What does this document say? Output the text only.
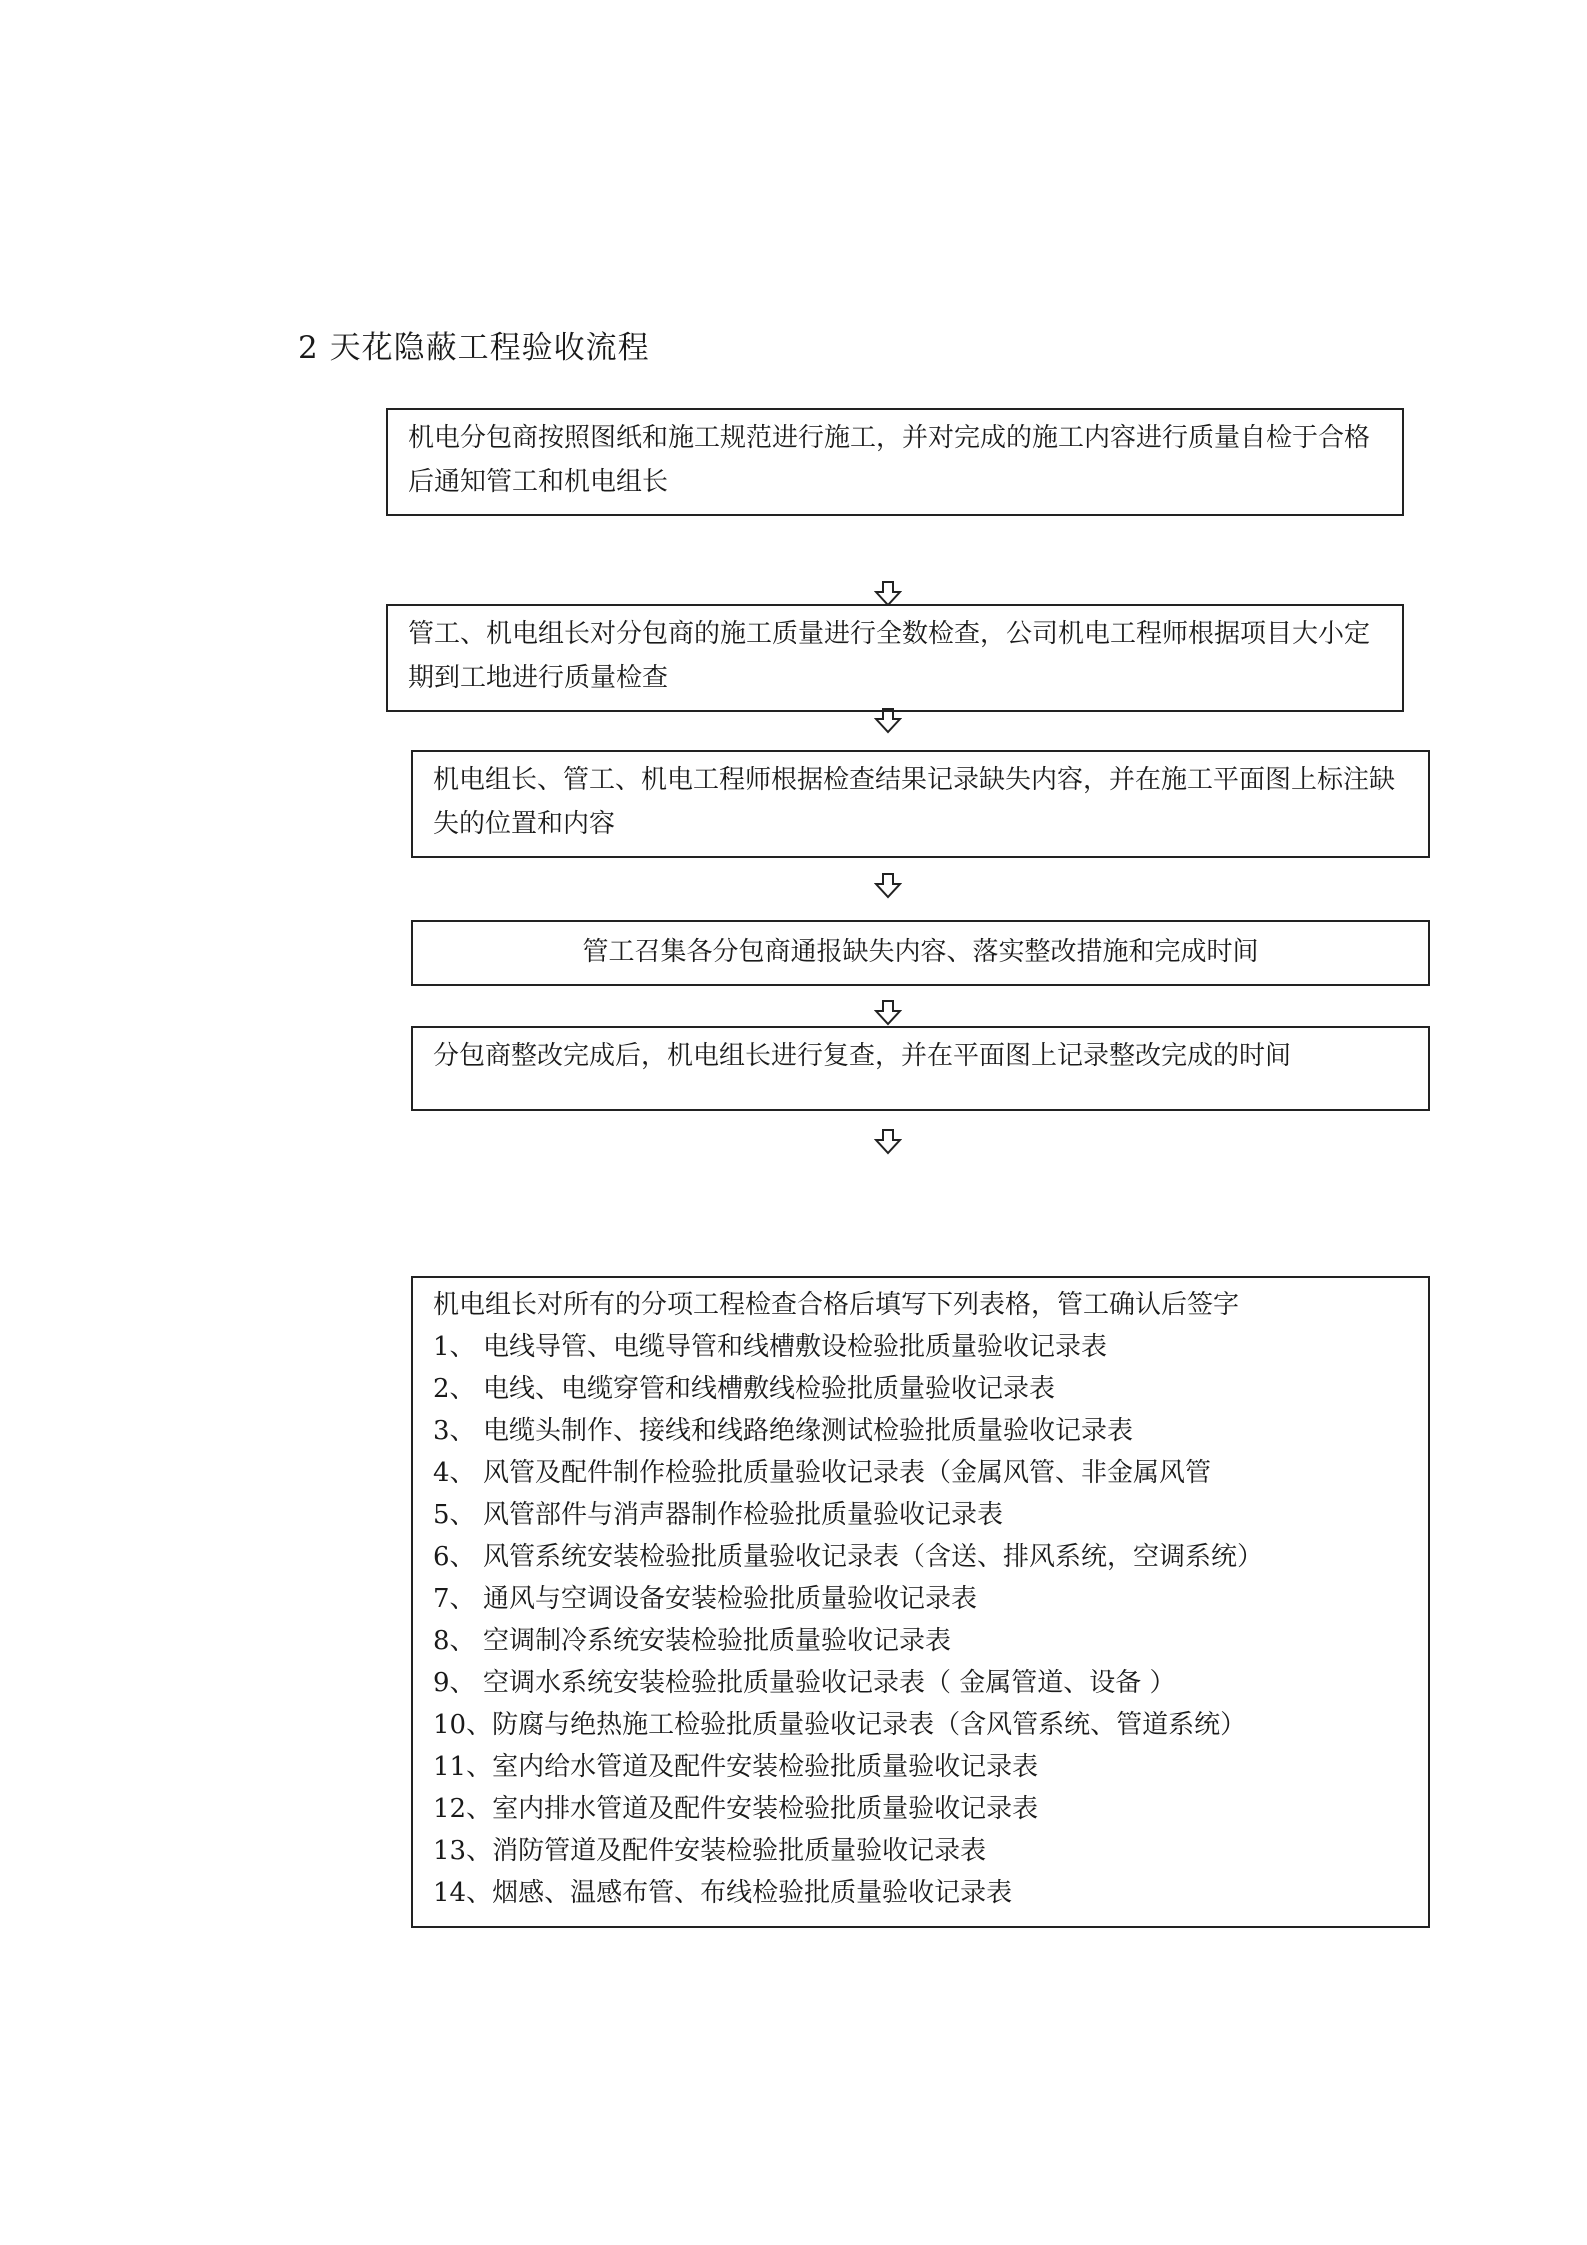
2 天花隐蔽工程验收流程
机电分包商按照图纸和施工规范进行施工，并对完成的施工内容进行质量自检于合格后通知管工和机电组长
管工、机电组长对分包商的施工质量进行全数检查，公司机电工程师根据项目大小定期到工地进行质量检查
机电组长、管工、机电工程师根据检查结果记录缺失内容，并在施工平面图上标注缺失的位置和内容
管工召集各分包商通报缺失内容、落实整改措施和完成时间
分包商整改完成后，机电组长进行复查，并在平面图上记录整改完成的时间
机电组长对所有的分项工程检查合格后填写下列表格，管工确认后签字
1、 电线导管、电缆导管和线槽敷设检验批质量验收记录表
2、 电线、电缆穿管和线槽敷线检验批质量验收记录表
3、 电缆头制作、接线和线路绝缘测试检验批质量验收记录表
4、 风管及配件制作检验批质量验收记录表（金属风管、非金属风管
5、 风管部件与消声器制作检验批质量验收记录表
6、 风管系统安装检验批质量验收记录表（含送、排风系统，空调系统）
7、 通风与空调设备安装检验批质量验收记录表
8、 空调制冷系统安装检验批质量验收记录表
9、 空调水系统安装检验批质量验收记录表（ 金属管道、设备 ）
10、 防腐与绝热施工检验批质量验收记录表（含风管系统、管道系统）
11、 室内给水管道及配件安装检验批质量验收记录表
12、 室内排水管道及配件安装检验批质量验收记录表
13、 消防管道及配件安装检验批质量验收记录表
14、 烟感、温感布管、布线检验批质量验收记录表
